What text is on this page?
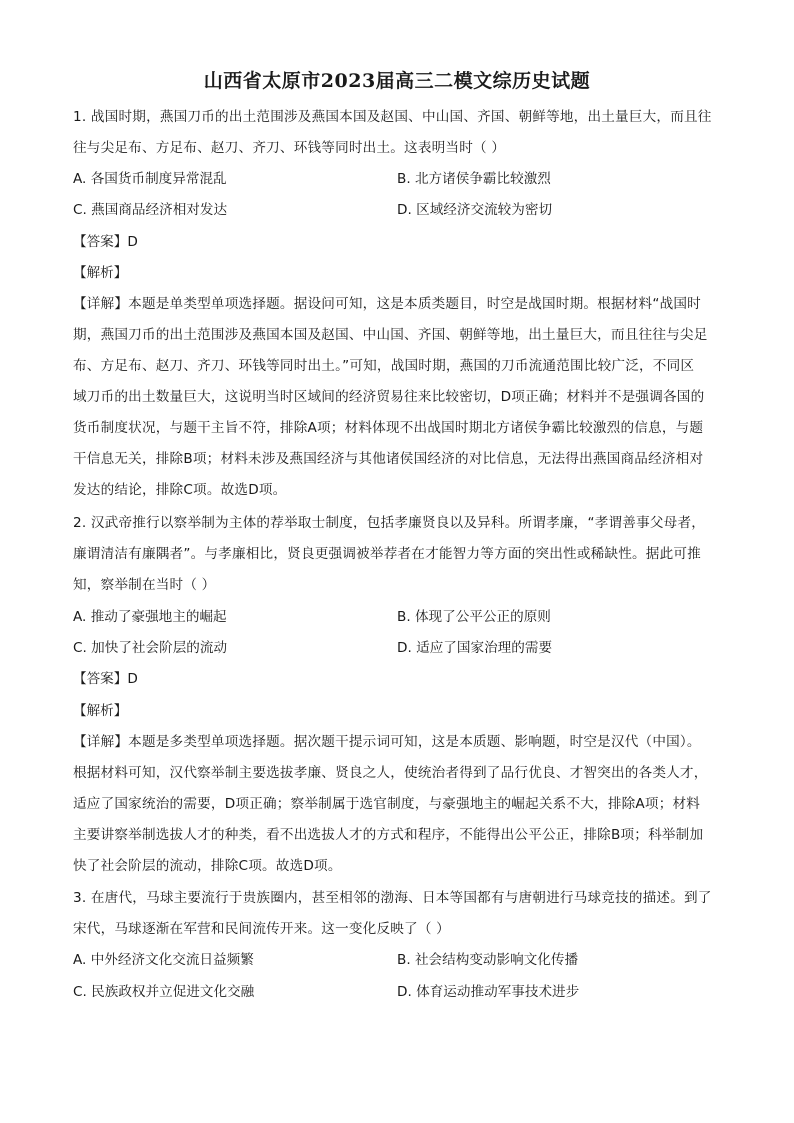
山西省太原市2023届高三二模文综历史试题
1. 战国时期，燕国刀币的出土范围涉及燕国本国及赵国、中山国、齐国、朝鲜等地，出土量巨大，而且往
往与尖足布、方足布、赵刀、齐刀、环钱等同时出土。这表明当时（ ）
A. 各国货币制度异常混乱	B. 北方诸侯争霸比较激烈
C. 燕国商品经济相对发达	D. 区域经济交流较为密切
【答案】D
【解析】
【详解】本题是单类型单项选择题。据设问可知，这是本质类题目，时空是战国时期。根据材料“战国时
期，燕国刀币的出土范围涉及燕国本国及赵国、中山国、齐国、朝鲜等地，出土量巨大，而且往往与尖足
布、方足布、赵刀、齐刀、环钱等同时出土。”可知，战国时期，燕国的刀币流通范围比较广泛，不同区
域刀币的出土数量巨大，这说明当时区域间的经济贸易往来比较密切，D项正确；材料并不是强调各国的
货币制度状况，与题干主旨不符，排除A项；材料体现不出战国时期北方诸侯争霸比较激烈的信息，与题
干信息无关，排除B项；材料未涉及燕国经济与其他诸侯国经济的对比信息，无法得出燕国商品经济相对
发达的结论，排除C项。故选D项。
2. 汉武帝推行以察举制为主体的荐举取士制度，包括孝廉贤良以及异科。所谓孝廉，“孝谓善事父母者，
廉谓清洁有廉隅者”。与孝廉相比，贤良更强调被举荐者在才能智力等方面的突出性或稀缺性。据此可推
知，察举制在当时（ ）
A. 推动了豪强地主的崛起	B. 体现了公平公正的原则
C. 加快了社会阶层的流动	D. 适应了国家治理的需要
【答案】D
【解析】
【详解】本题是多类型单项选择题。据次题干提示词可知，这是本质题、影响题，时空是汉代（中国）。
根据材料可知，汉代察举制主要选拔孝廉、贤良之人，使统治者得到了品行优良、才智突出的各类人才，
适应了国家统治的需要，D项正确；察举制属于选官制度，与豪强地主的崛起关系不大，排除A项；材料
主要讲察举制选拔人才的种类，看不出选拔人才的方式和程序，不能得出公平公正，排除B项；科举制加
快了社会阶层的流动，排除C项。故选D项。
3. 在唐代，马球主要流行于贵族圈内，甚至相邻的渤海、日本等国都有与唐朝进行马球竞技的描述。到了
宋代，马球逐渐在军营和民间流传开来。这一变化反映了（ ）
A. 中外经济文化交流日益频繁	B. 社会结构变动影响文化传播
C. 民族政权并立促进文化交融	D. 体育运动推动军事技术进步
